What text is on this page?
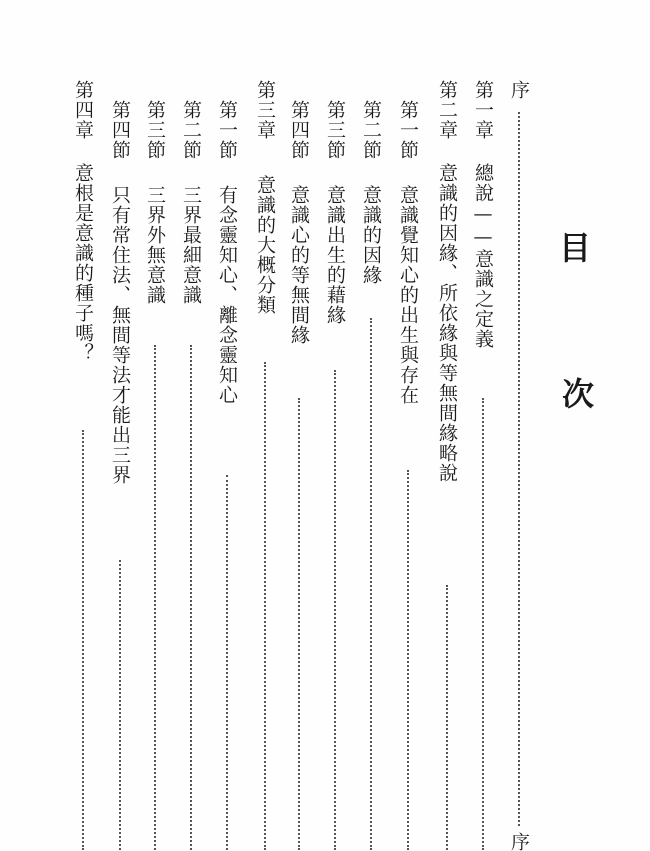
目
次
序
序
第一章
總說——意識之定義
第二章
意識的因緣、所依緣與等無間緣略說
第一節
意識覺知心的出生與存在
第二節
意識的因緣
第三節
意識出生的藉緣
第四節
意識心的等無間緣
第三章
意識的大概分類
第一節
有念靈知心、離念靈知心
第二節
三界最細意識
第三節
三界外無意識
第四節
只有常住法、無間等法才能出三界
第四章
意根是意識的種子嗎？
